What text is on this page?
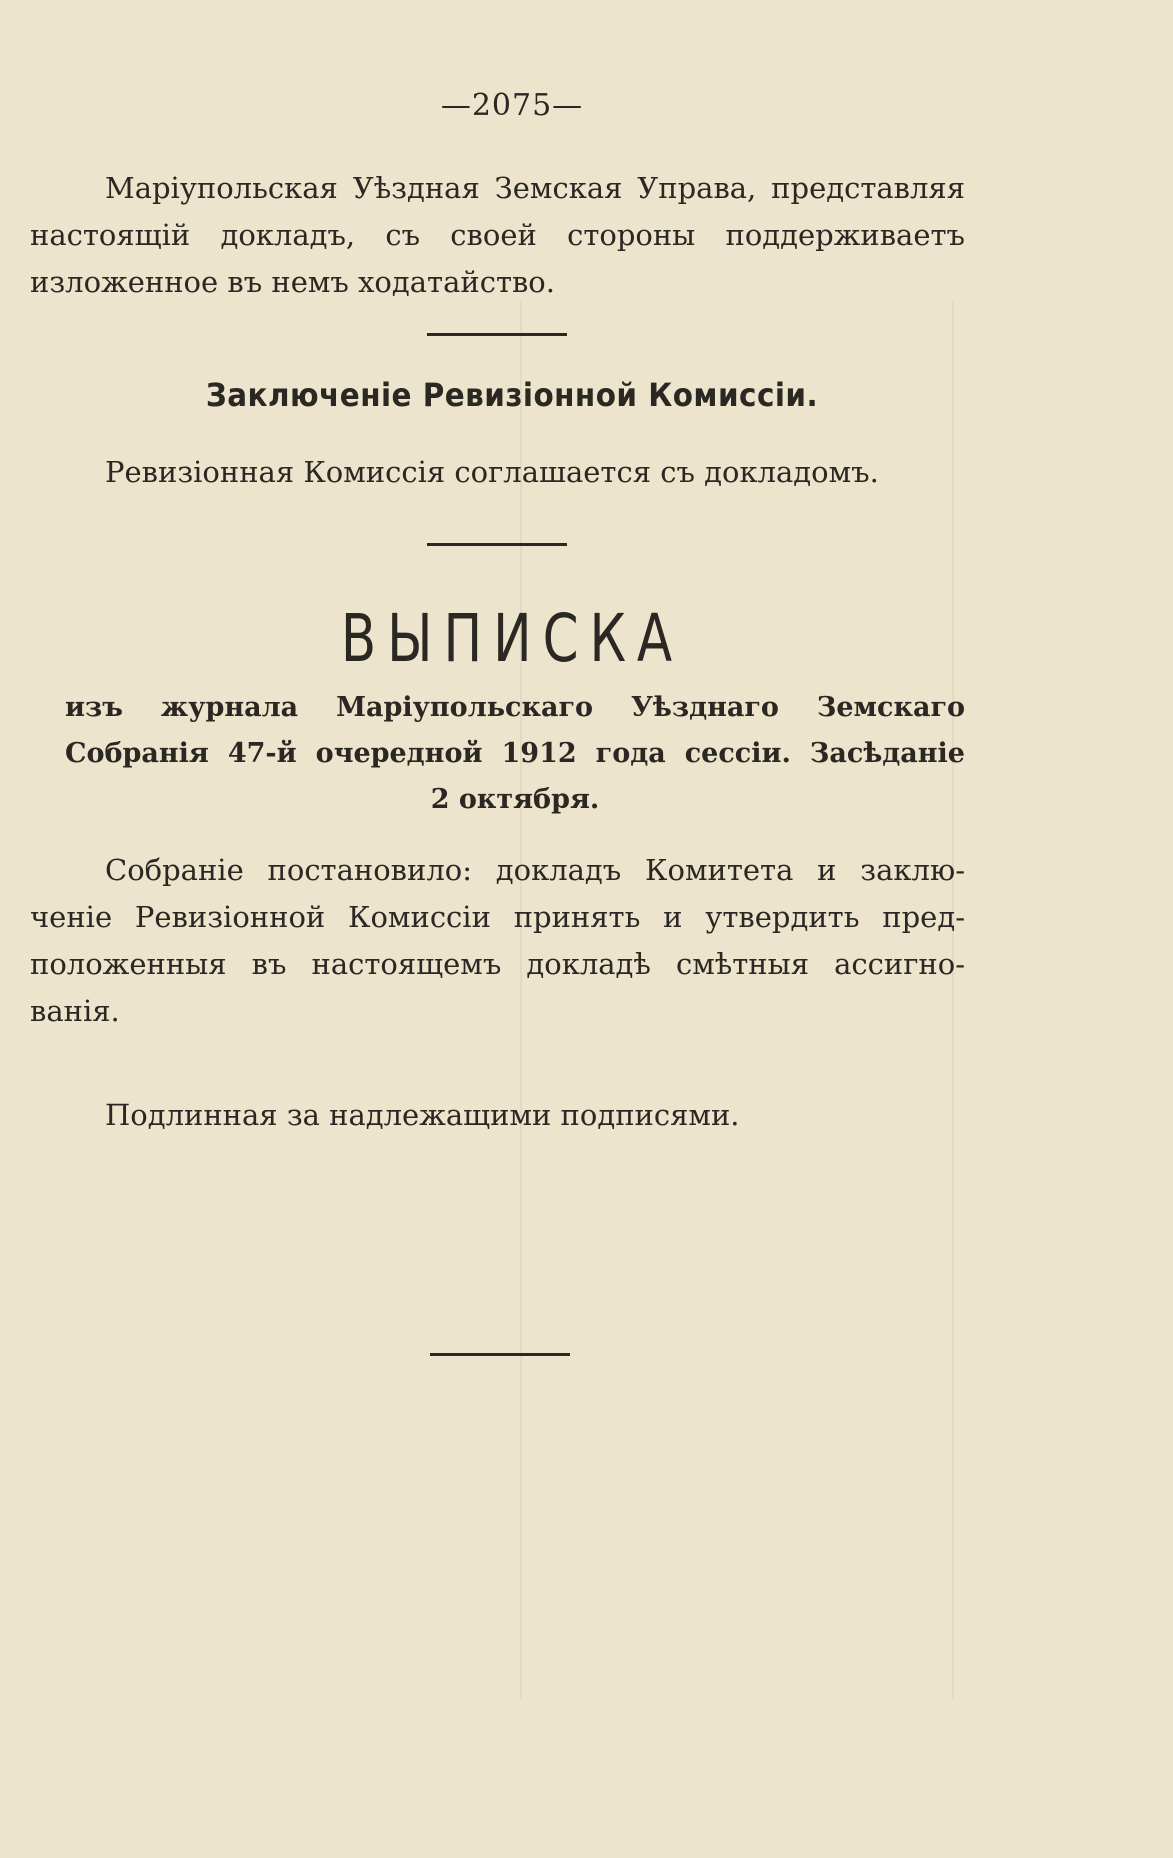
—2075—
Маріупольская Уѣздная Земская Управа, представляя
настоящій докладъ, съ своей стороны поддерживаетъ
изложенное въ немъ ходатайство.
Заключеніе Ревизіонной Комиссіи.
Ревизіонная Комиссія соглашается съ докладомъ.
ВЫПИСКА
изъ журнала Маріупольскаго Уѣзднаго Земскаго
Собранія 47-й очередной 1912 года сессіи. Засѣданіе
2 октября.
Собраніе постановило: докладъ Комитета и заклю-
ченіе Ревизіонной Комиссіи принять и утвердить пред-
положенныя въ настоящемъ докладѣ смѣтныя ассигно-
ванія.
Подлинная за надлежащими подписями.
